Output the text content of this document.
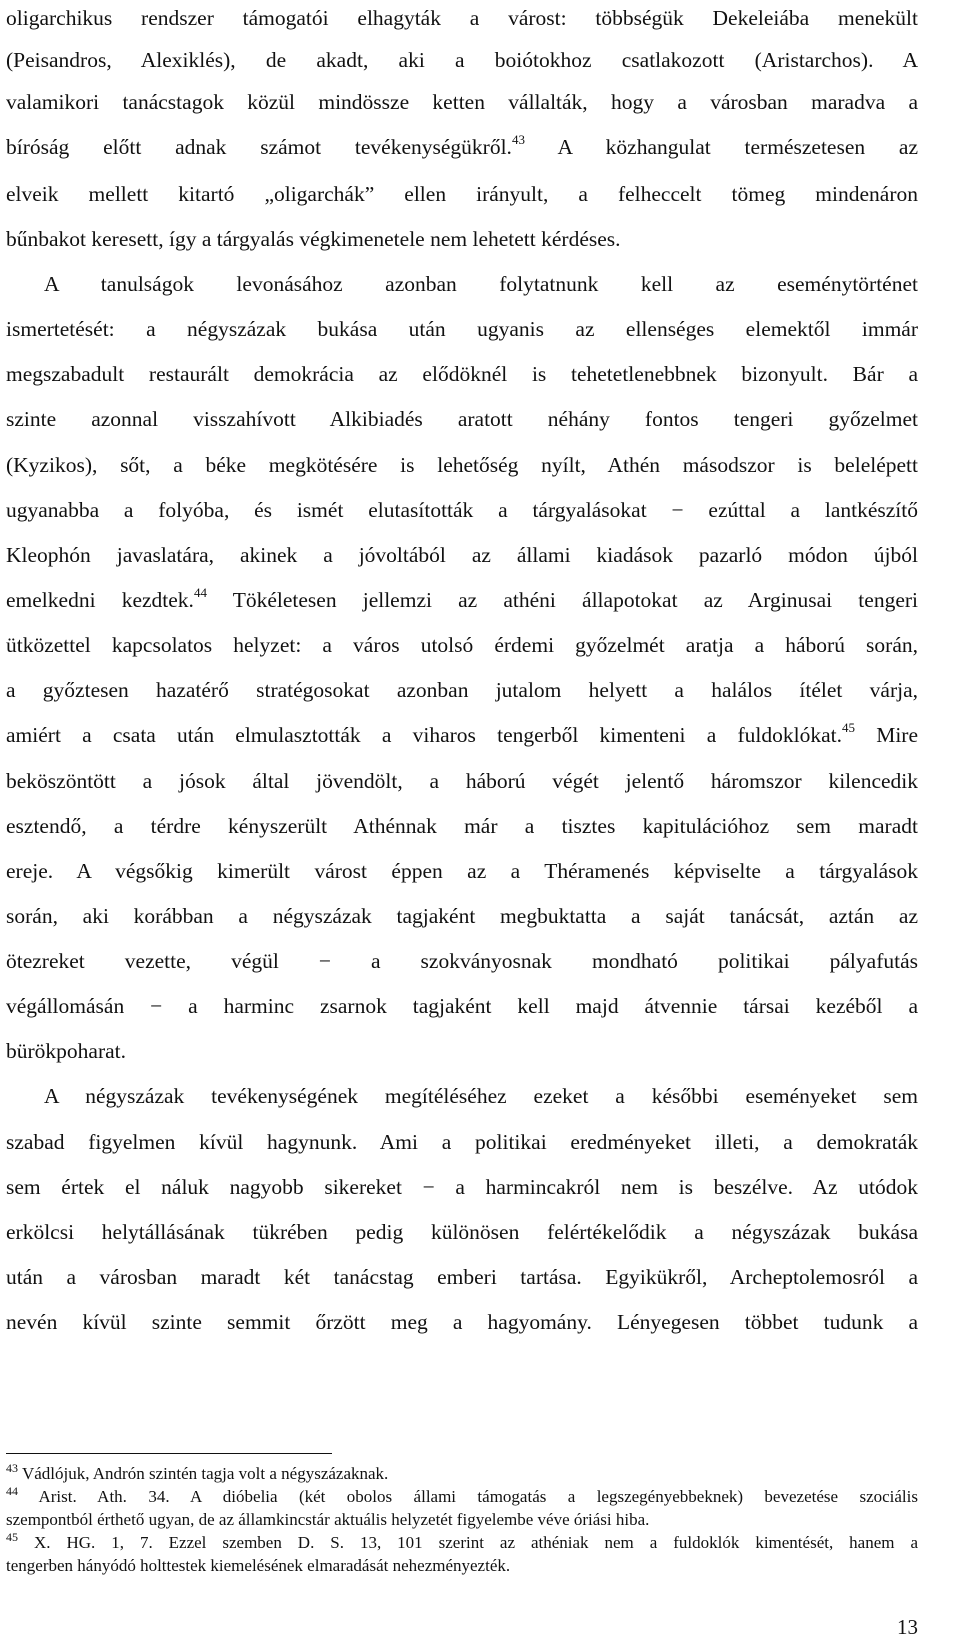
oligarchikus rendszer támogatói elhagyták a várost: többségük Dekeleiába menekült
(Peisandros, Alexiklés), de akadt, aki a boiótokhoz csatlakozott (Aristarchos). A
valamikori tanácstagok közül mindössze ketten vállalták, hogy a városban maradva a
bíróság előtt adnak számot tevékenységükről.$^{43}$ A közhangulat természetesen az
elveik mellett kitartó „oligarchák” ellen irányult, a felheccelt tömeg mindenáron
bűnbakot keresett, így a tárgyalás végkimenetele nem lehetett kérdéses.
A tanulságok levonásához azonban folytatnunk kell az eseménytörténet
ismertetését: a négyszázak bukása után ugyanis az ellenséges elemektől immár
megszabadult restaurált demokrácia az elődöknél is tehetetlenebbnek bizonyult. Bár a
szinte azonnal visszahívott Alkibiadés aratott néhány fontos tengeri győzelmet
(Kyzikos), sőt, a béke megkötésére is lehetőség nyílt, Athén másodszor is belelépett
ugyanabba a folyóba, és ismét elutasították a tárgyalásokat − ezúttal a lantkészítő
Kleophón javaslatára, akinek a jóvoltából az állami kiadások pazarló módon újból
emelkedni kezdtek.$^{44}$ Tökéletesen jellemzi az athéni állapotokat az Arginusai tengeri
ütközettel kapcsolatos helyzet: a város utolsó érdemi győzelmét aratja a háború során,
a győztesen hazatérő stratégosokat azonban jutalom helyett a halálos ítélet várja,
amiért a csata után elmulasztották a viharos tengerből kimenteni a fuldoklókat.$^{45}$ Mire
beköszöntött a jósok által jövendölt, a háború végét jelentő háromszor kilencedik
esztendő, a térdre kényszerült Athénnak már a tisztes kapitulációhoz sem maradt
ereje. A végsőkig kimerült várost éppen az a Théramenés képviselte a tárgyalások
során, aki korábban a négyszázak tagjaként megbuktatta a saját tanácsát, aztán az
ötezreket vezette, végül − a szokványosnak mondható politikai pályafutás
végállomásán − a harminc zsarnok tagjaként kell majd átvennie társai kezéből a
bürökpoharat.
A négyszázak tevékenységének megítéléséhez ezeket a későbbi eseményeket sem
szabad figyelmen kívül hagynunk. Ami a politikai eredményeket illeti, a demokraták
sem értek el náluk nagyobb sikereket − a harmincakról nem is beszélve. Az utódok
erkölcsi helytállásának tükrében pedig különösen felértékelődik a négyszázak bukása
után a városban maradt két tanácstag emberi tartása. Egyikükről, Archeptolemosról a
nevén kívül szinte semmit őrzött meg a hagyomány. Lényegesen többet tudunk a
$^{43}$ Vádlójuk, Andrón szintén tagja volt a négyszázaknak.
$^{44}$ Arist. Ath. 34. A dióbelia (két obolos állami támogatás a legszegényebbeknek) bevezetése szociális
szempontból érthető ugyan, de az államkincstár aktuális helyzetét figyelembe véve óriási hiba.
$^{45}$ X. HG. 1, 7. Ezzel szemben D. S. 13, 101 szerint az athéniak nem a fuldoklók kimentését, hanem a
tengerben hányódó holttestek kiemelésének elmaradását nehezményezték.
13
